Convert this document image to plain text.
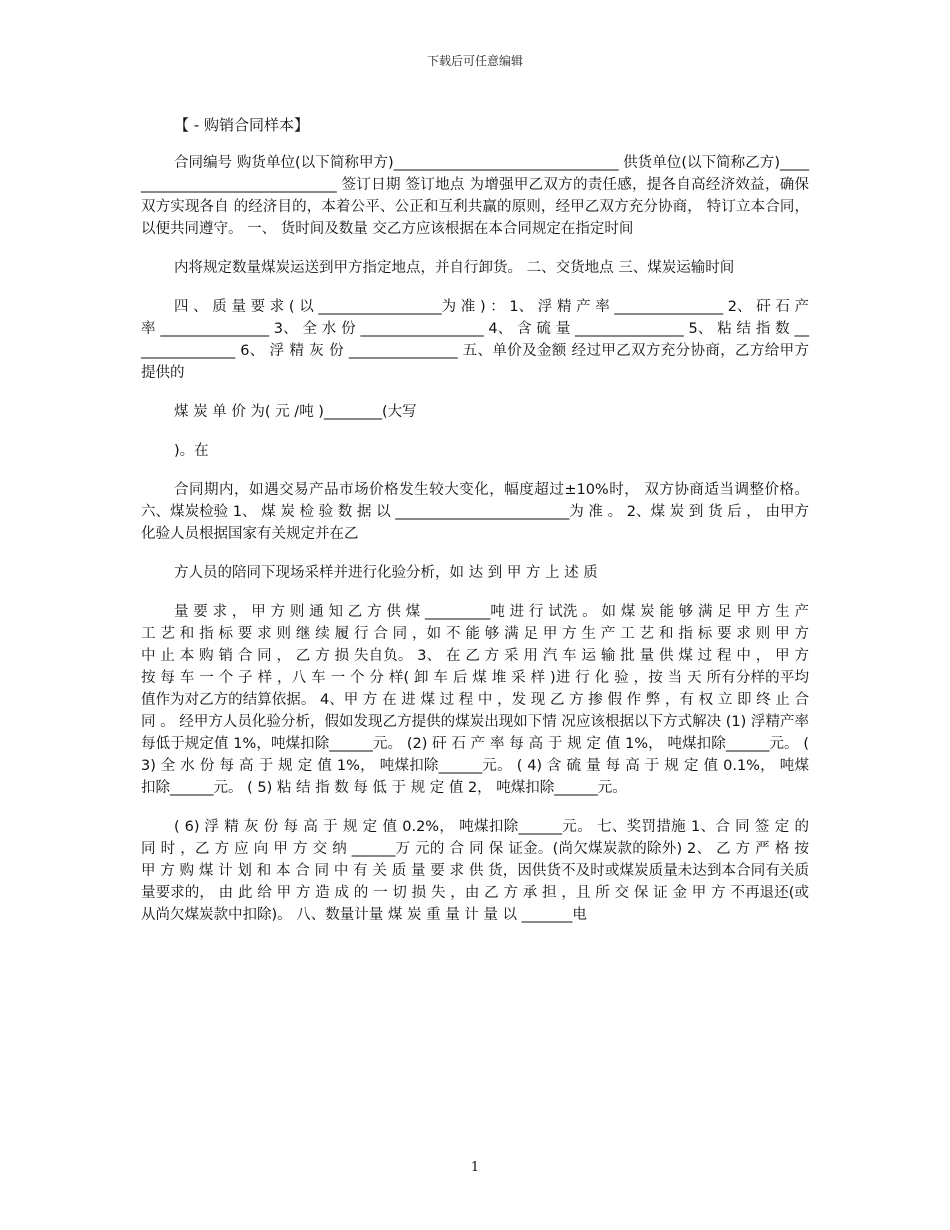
下载后可任意编辑
【 - 购销合同样本】

合同编号 购货单位(以下简称甲方)_______________________________ 供货单位(以下简称乙方)_______________________________ 签订日期 签订地点 为增强甲乙双方的责任感，提各自高经济效益，确保双方实现各自 的经济目的，本着公平、公正和互利共赢的原则，经甲乙双方充分协商， 特订立本合同，以便共同遵守。 一、 货时间及数量 交乙方应该根据在本合同规定在指定时间

内将规定数量煤炭运送到甲方指定地点，并自行卸货。 二、交货地点 三、煤炭运输时间

四 、 质 量 要 求 ( 以 _________________为 准 ) ： 1、 浮 精 产 率 _______________ 2、 矸 石 产 率 _______________ 3、 全 水 份 _________________ 4、 含 硫 量 _______________ 5、 粘 结 指 数 _______________ 6、 浮 精 灰 份 _______________ 五、单价及金额 经过甲乙双方充分协商，乙方给甲方提供的

煤 炭 单 价 为( 元 /吨 )________(大写

)。在

合同期内，如遇交易产品市场价格发生较大变化，幅度超过±10%时， 双方协商适当调整价格。 六、煤炭检验 1、 煤 炭 检 验 数 据 以 ________________________为 准 。 2、煤 炭 到 货 后 ， 由甲方化验人员根据国家有关规定并在乙

方人员的陪同下现场采样并进行化验分析，如 达 到 甲 方 上 述 质

量 要 求 ， 甲 方 则 通 知 乙 方 供 煤 _________吨 进 行 试洗 。 如 煤 炭 能 够 满 足 甲 方 生 产 工 艺 和 指 标 要 求 则 继 续 履 行 合 同 ，如 不 能 够 满 足 甲 方 生 产 工 艺 和 指 标 要 求 则 甲 方 中 止 本 购 销 合 同 ， 乙 方 损 失自负。 3、 在 乙 方 采 用 汽 车 运 输 批 量 供 煤 过 程 中 ， 甲 方 按 每 车 一 个 子 样 ，八 车 一 个 分 样( 卸 车 后 煤 堆 采 样 )进 行 化 验 ，按 当 天 所有分样的平均值作为对乙方的结算依据。 4、甲 方 在 进 煤 过 程 中 ，发 现 乙 方 掺 假 作 弊 ，有 权 立 即 终 止 合 同 。 经甲方人员化验分析，假如发现乙方提供的煤炭出现如下情 况应该根据以下方式解决 (1) 浮精产率每低于规定值 1%，吨煤扣除______元。 (2) 矸 石 产 率 每 高 于 规 定 值 1%， 吨煤扣除______元。 ( 3) 全 水 份 每 高 于 规 定 值 1%， 吨煤扣除______元。 ( 4) 含 硫 量 每 高 于 规 定 值 0.1%， 吨煤扣除______元。 ( 5) 粘 结 指 数 每 低 于 规 定 值 2， 吨煤扣除______元。

( 6) 浮 精 灰 份 每 高 于 规 定 值 0.2%， 吨煤扣除______元。 七、奖罚措施 1、合 同 签 定 的 同 时 ，乙 方 应 向 甲 方 交 纳 ______万 元的 合 同 保 证金。(尚欠煤炭款的除外) 2、 乙 方 严 格 按 甲 方 购 煤 计 划 和 本 合 同 中 有 关 质 量 要 求 供 货，因供货不及时或煤炭质量未达到本合同有关质量要求的， 由 此 给 甲 方 造 成 的 一 切 损 失 ，由 乙 方 承 担 ，且 所 交 保 证 金 甲 方 不再退还(或从尚欠煤炭款中扣除)。 八、数量计量 煤 炭 重 量 计 量 以 _______电

1
